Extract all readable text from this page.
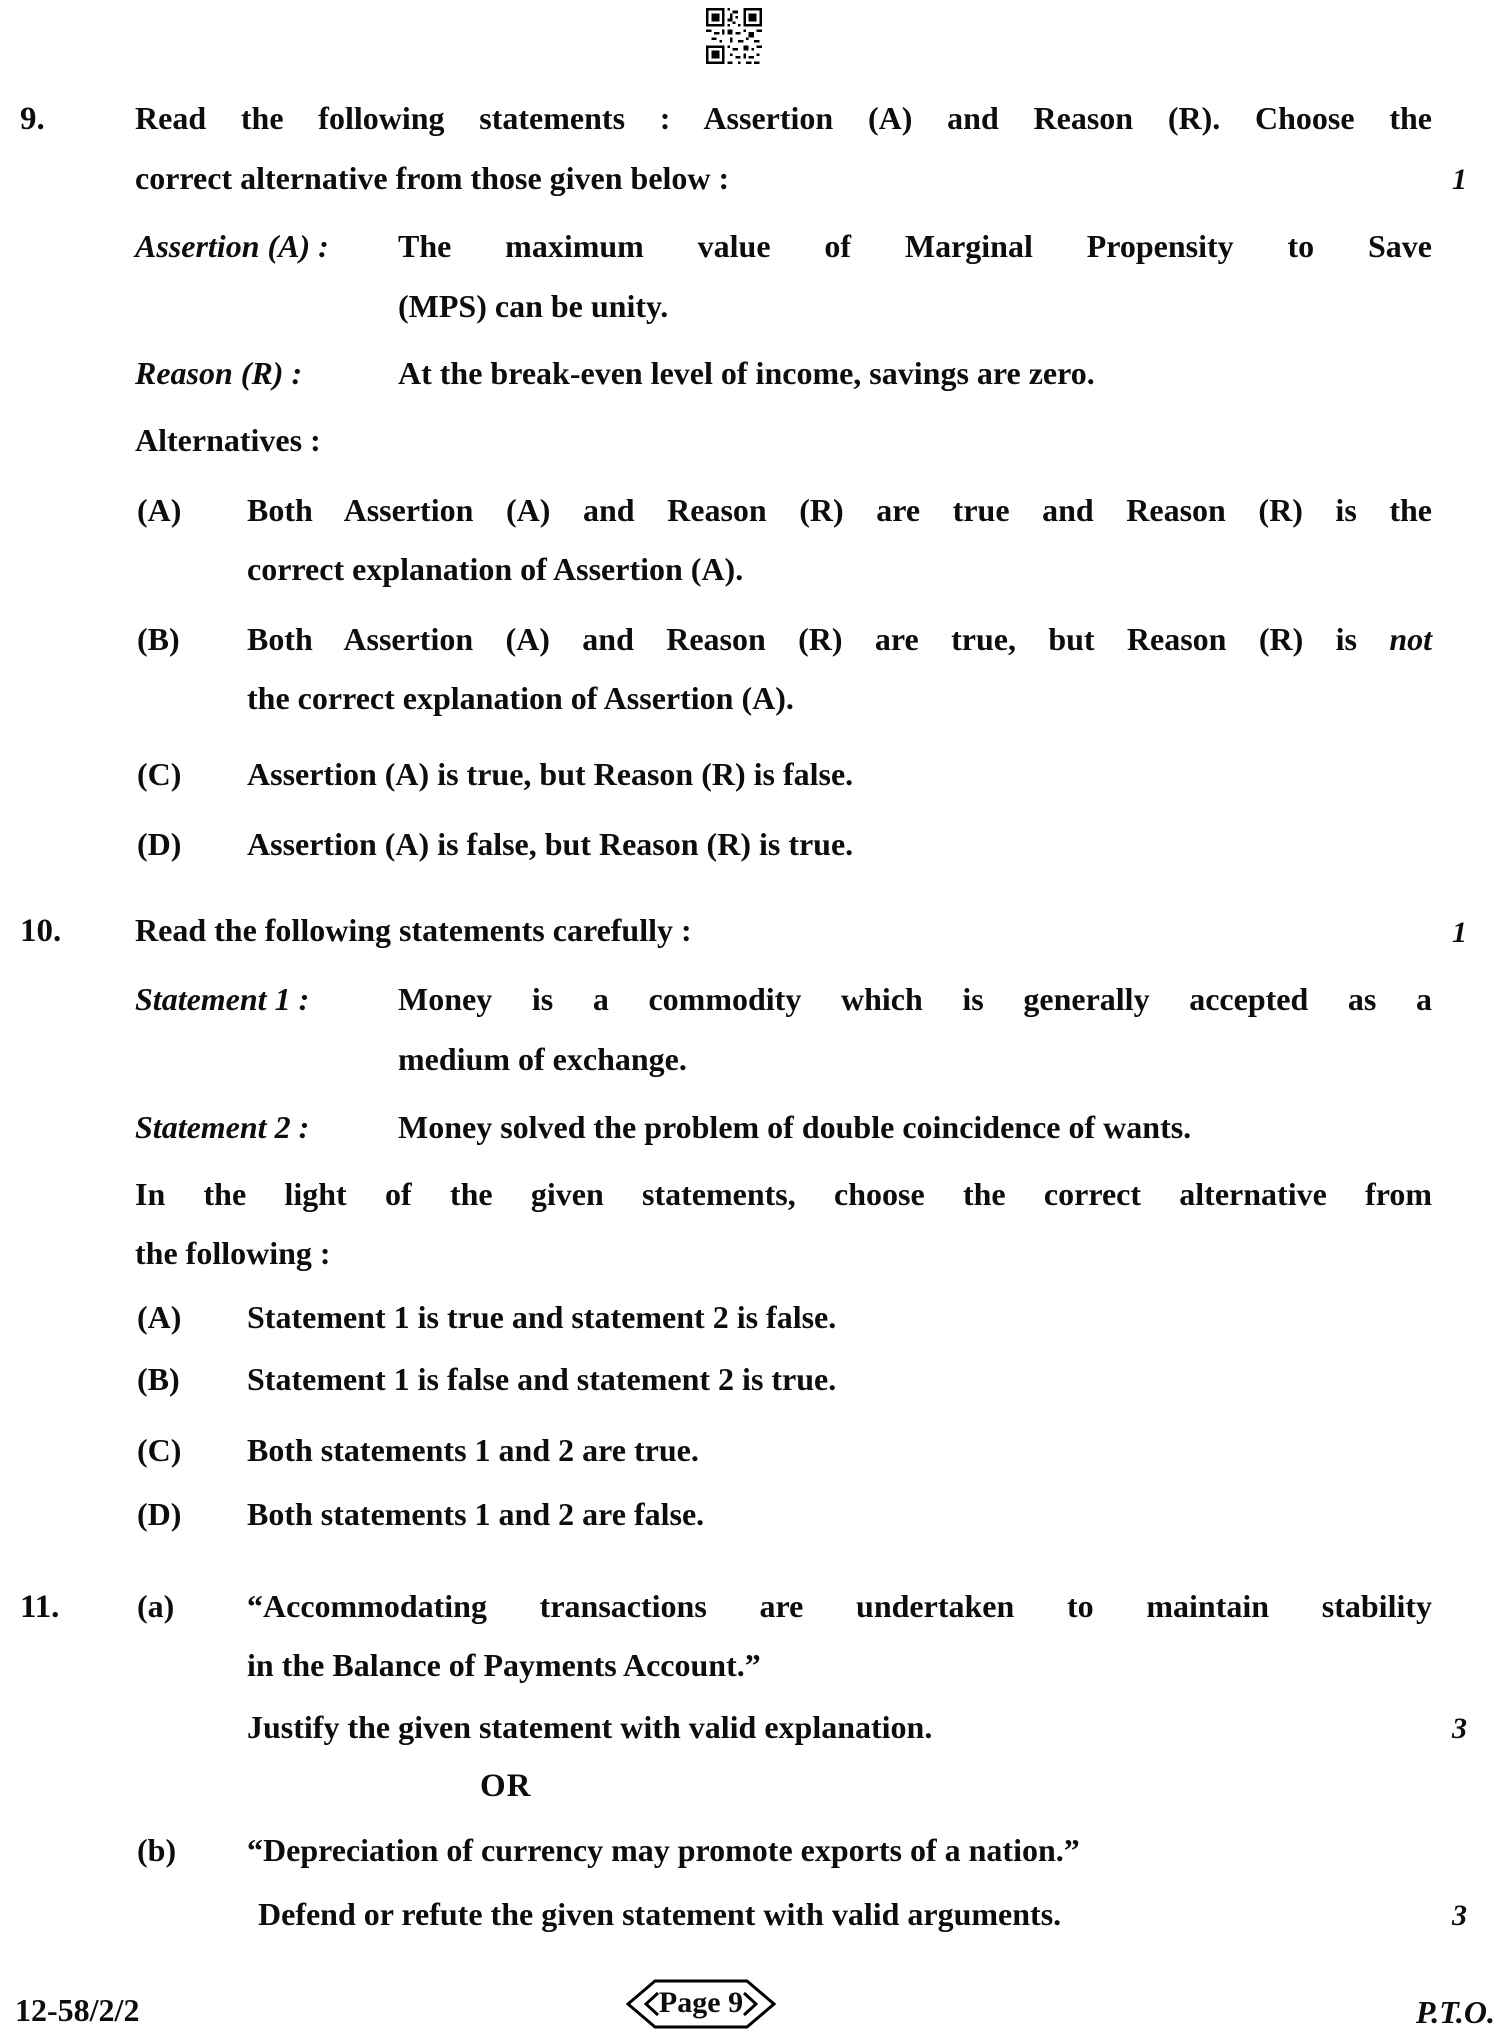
9.	Read the following statements : Assertion (A) and Reason (R). Choose the
correct alternative from those given below :	1
Assertion (A) : The maximum value of Marginal Propensity to Save
(MPS) can be unity.
Reason (R) :	At the break-even level of income, savings are zero.
Alternatives :
(A) Both Assertion (A) and Reason (R) are true and Reason (R) is the
correct explanation of Assertion (A).
(B) Both Assertion (A) and Reason (R) are true, but Reason (R) is not
the correct explanation of Assertion (A).
(C) Assertion (A) is true, but Reason (R) is false.
(D) Assertion (A) is false, but Reason (R) is true.
10. Read the following statements carefully :	1
Statement 1 :	Money is a commodity which is generally accepted as a
medium of exchange.
Statement 2 :	Money solved the problem of double coincidence of wants.
In the light of the given statements, choose the correct alternative from
the following :
(A) Statement 1 is true and statement 2 is false.
(B) Statement 1 is false and statement 2 is true.
(C) Both statements 1 and 2 are true.
(D) Both statements 1 and 2 are false.
11. (a) “Accommodating transactions are undertaken to maintain stability
in the Balance of Payments Account.”
Justify the given statement with valid explanation.	3
OR
(b) “Depreciation of currency may promote exports of a nation.”
Defend or refute the given statement with valid arguments.	3
12-58/2/2	Page 9	P.T.O.
